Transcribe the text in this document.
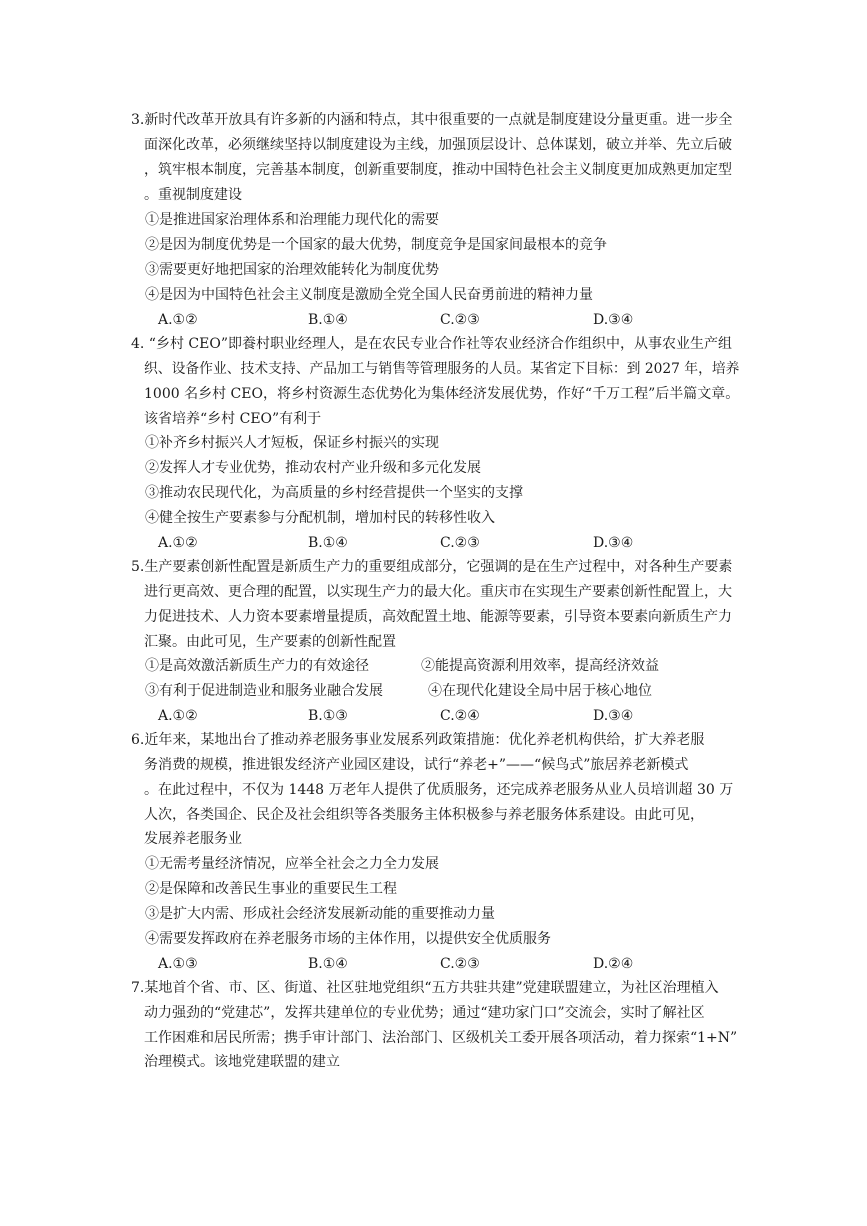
3.新时代改革开放具有许多新的内涵和特点，其中很重要的一点就是制度建设分量更重。进一步全
面深化改革，必须继续坚持以制度建设为主线，加强顶层设计、总体谋划，破立并举、先立后破
，筑牢根本制度，完善基本制度，创新重要制度，推动中国特色社会主义制度更加成熟更加定型
。重视制度建设
①是推进国家治理体系和治理能力现代化的需要
②是因为制度优势是一个国家的最大优势，制度竞争是国家间最根本的竞争
③需要更好地把国家的治理效能转化为制度优势
④是因为中国特色社会主义制度是激励全党全国人民奋勇前进的精神力量
A.①②	B.①④	C.②③	D.③④
4. “乡村 CEO”即養村职业经理人，是在农民专业合作社等农业经济合作组织中，从事农业生产组
织、设备作业、技术支持、产品加工与销售等管理服务的人员。某省定下目标：到 2027 年，培养
1000 名乡村 CEO，将乡村资源生态优势化为集体经济发展优势，作好“千万工程”后半篇文章。
该省培养“乡村 CEO”有利于
①补齐乡村振兴人才短板，保证乡村振兴的实现
②发挥人才专业优势，推动农村产业升级和多元化发展
③推动农民现代化，为高质量的乡村经营提供一个坚实的支撑
④健全按生产要素参与分配机制，增加村民的转移性收入
A.①②	B.①④	C.②③	D.③④
5.生产要素创新性配置是新质生产力的重要组成部分，它强调的是在生产过程中，对各种生产要素
进行更高效、更合理的配置，以实现生产力的最大化。重庆市在实现生产要素创新性配置上，大
力促进技术、人力资本要素增量提质，高效配置土地、能源等要素，引导资本要素向新质生产力
汇聚。由此可见，生产要素的创新性配置
①是高效激活新质生产力的有效途径	②能提高资源利用效率，提高经济效益
③有利于促进制造业和服务业融合发展	④在现代化建设全局中居于核心地位
A.①②	B.①③	C.②④	D.③④
6.近年来，某地出台了推动养老服务事业发展系列政策措施：优化养老机构供给，扩大养老服
务消费的规模，推进银发经济产业园区建设，试行“养老+”——“候鸟式”旅居养老新模式
。在此过程中，不仅为 1448 万老年人提供了优质服务，还完成养老服务从业人员培训超 30 万
人次，各类国企、民企及社会组织等各类服务主体积极参与养老服务体系建设。由此可见，
发展养老服务业
①无需考量经济情况，应举全社会之力全力发展
②是保障和改善民生事业的重要民生工程
③是扩大内需、形成社会经济发展新动能的重要推动力量
④需要发挥政府在养老服务市场的主体作用，以提供安全优质服务
A.①③	B.①④	C.②③	D.②④
7.某地首个省、市、区、街道、社区驻地党组织“五方共驻共建”党建联盟建立，为社区治理植入
动力强劲的“党建芯”，发挥共建单位的专业优势；通过“建功家门口”交流会，实时了解社区
工作困难和居民所需；携手审计部门、法治部门、区级机关工委开展各项活动，着力探索“1+N”
治理模式。该地党建联盟的建立
